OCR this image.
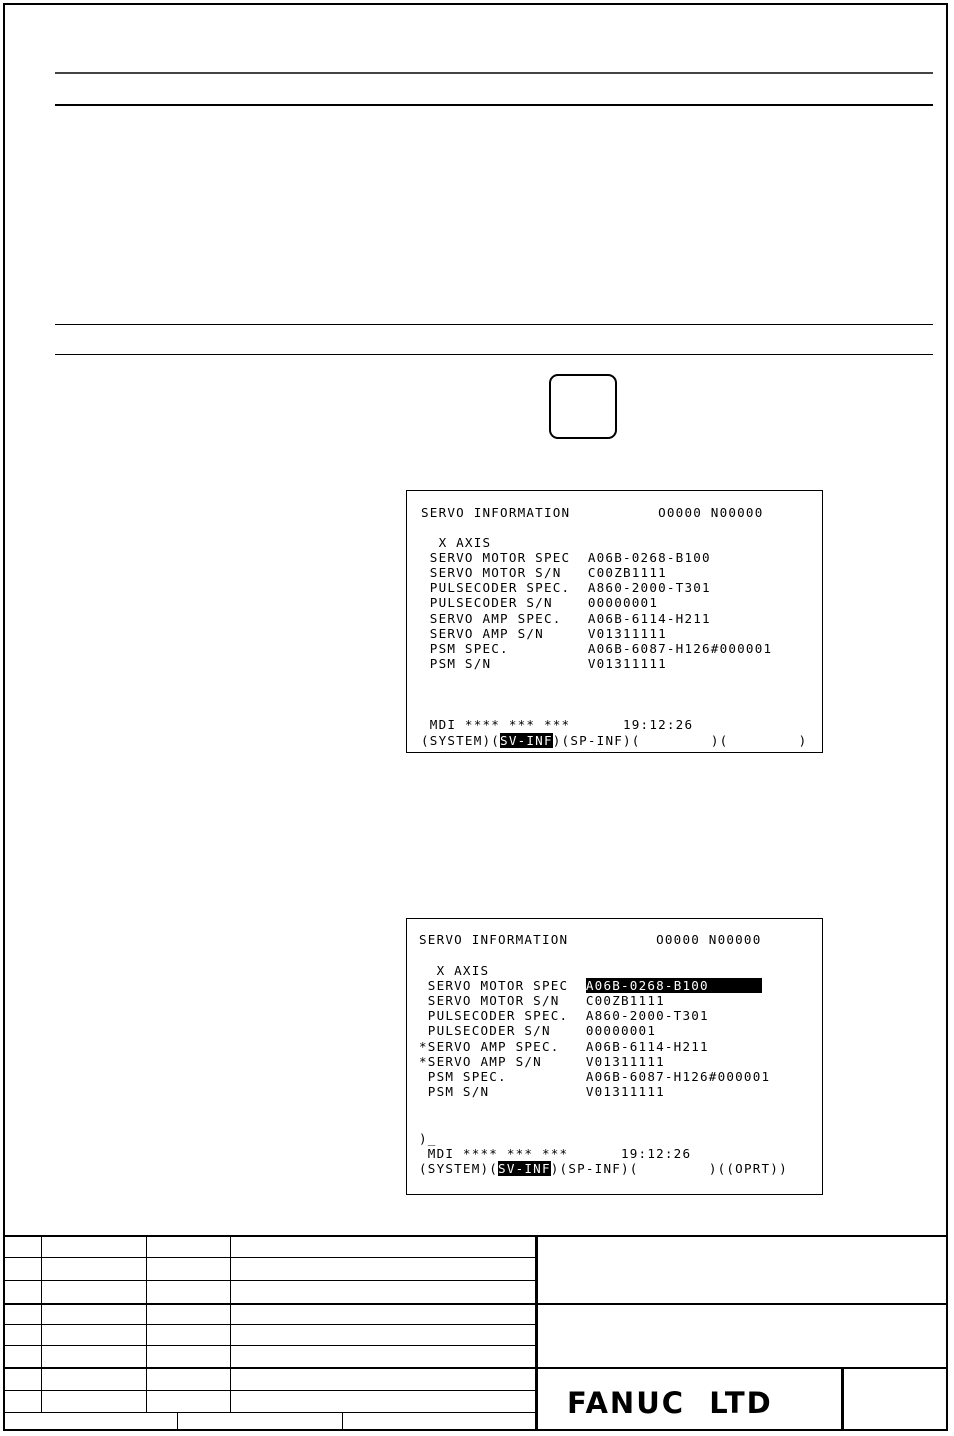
SERVO INFORMATION          O0000 N00000
X AXIS
SERVO MOTOR SPEC  A06B-0268-B100
SERVO MOTOR S/N   C00ZB1111
PULSECODER SPEC.  A860-2000-T301
PULSECODER S/N    00000001
SERVO AMP SPEC.   A06B-6114-H211
SERVO AMP S/N     V01311111
PSM SPEC.         A06B-6087-H126#000001
PSM S/N           V01311111
MDI **** *** ***      19:12:26
(SYSTEM)(SV-INF)(SP-INF)(        )(        )
SERVO INFORMATION          O0000 N00000
X AXIS
SERVO MOTOR SPEC  A06B-0268-B100
SERVO MOTOR S/N   C00ZB1111
PULSECODER SPEC.  A860-2000-T301
PULSECODER S/N    00000001
*SERVO AMP SPEC.   A06B-6114-H211
*SERVO AMP S/N     V01311111
PSM SPEC.         A06B-6087-H126#000001
PSM S/N           V01311111
)_
MDI **** *** ***      19:12:26
(SYSTEM)(SV-INF)(SP-INF)(        )((OPRT))
FANUC  LTD
